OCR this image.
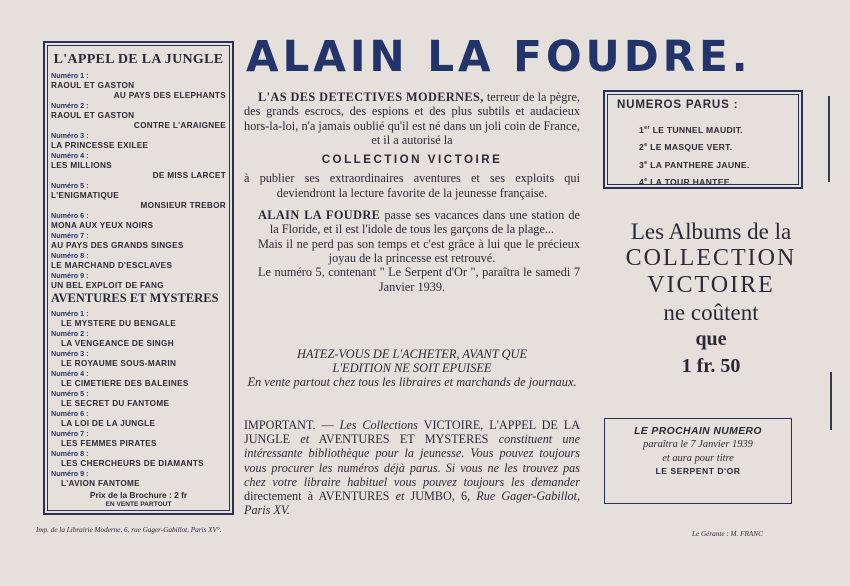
L'APPEL DE LA JUNGLE
Numéro 1 :
RAOUL ET GASTON
AU PAYS DES ELEPHANTS
Numéro 2 :
RAOUL ET GASTON
CONTRE L'ARAIGNEE
Numéro 3 :
LA PRINCESSE EXILEE
Numéro 4 :
LES MILLIONS
DE MISS LARCET
Numéro 5 :
L'ENIGMATIQUE
MONSIEUR TREBOR
Numéro 6 :
MONA AUX YEUX NOIRS
Numéro 7 :
AU PAYS DES GRANDS SINGES
Numéro 8 :
LE MARCHAND D'ESCLAVES
Numéro 9 :
UN BEL EXPLOIT DE FANG
AVENTURES ET MYSTERES
Numéro 1 :
LE MYSTERE DU BENGALE
Numéro 2 :
LA VENGEANCE DE SINGH
Numéro 3 :
LE ROYAUME SOUS-MARIN
Numéro 4 :
LE CIMETIERE DES BALEINES
Numéro 5 :
LE SECRET DU FANTOME
Numéro 6 :
LA LOI DE LA JUNGLE
Numéro 7 :
LES FEMMES PIRATES
Numéro 8 :
LES CHERCHEURS DE DIAMANTS
Numéro 9 :
L'AVION FANTOME
Prix de la Brochure : 2 fr
EN VENTE PARTOUT
ALAIN LA FOUDRE.

L'AS DES DETECTIVES MODERNES, terreur de la pègre, des grands escrocs, des espions et des plus subtils et audacieux hors-la-loi, n'a jamais oublié qu'il est né dans un joli coin de France, et il a autorisé la

COLLECTION VICTOIRE

à publier ses extraordinaires aventures et ses exploits qui deviendront la lecture favorite de la jeunesse française.

ALAIN LA FOUDRE passe ses vacances dans une station de la Floride, et il est l'idole de tous les garçons de la plage...

Mais il ne perd pas son temps et c'est grâce à lui que le précieux joyau de la princesse est retrouvé.

Le numéro 5, contenant " Le Serpent d'Or ", paraîtra le samedi 7 Janvier 1939.

HATEZ-VOUS DE L'ACHETER, AVANT QUE
L'EDITION NE SOIT EPUISEE
En vente partout chez tous les libraires et marchands de journaux.
IMPORTANT. — Les Collections VICTOIRE, L'APPEL DE LA JUNGLE et AVENTURES ET MYSTERES constituent une intéressante bibliothèque pour la jeunesse. Vous pouvez toujours vous procurer les numéros déjà parus. Si vous ne les trouvez pas chez votre libraire habituel vous pouvez toujours les demander directement à AVENTURES et JUMBO, 6, Rue Gager-Gabillot, Paris XV.
NUMEROS PARUS :
1er LE TUNNEL MAUDIT.
2e LE MASQUE VERT.
3e LA PANTHERE JAUNE.
4e LA TOUR HANTEE.
Les Albums de la
COLLECTION
VICTOIRE
ne coûtent
que
1 fr. 50
LE PROCHAIN NUMERO
paraîtra le 7 Janvier 1939
et aura pour titre
LE SERPENT D'OR
Imp. de la Librairie Moderne, 6, rue Gager-Gabillot, Paris XV°.	Le Gérante : M. FRANC
